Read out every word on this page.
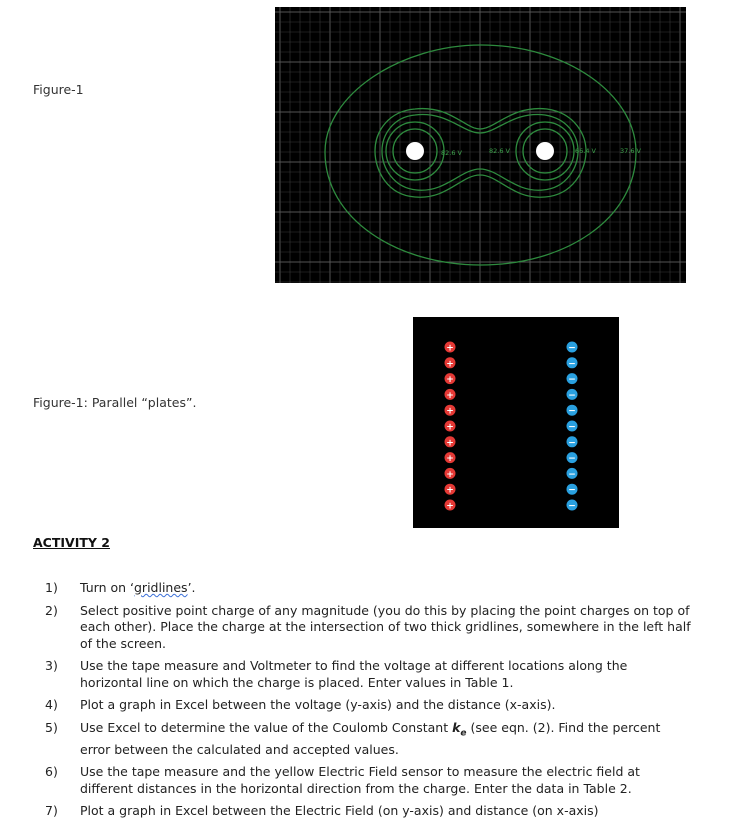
Figure-1
82.6 V	82.6 V	66.4 V	37.6 V
Figure-1: Parallel “plates”.
+
+
+
+
+
+
+
+
+
+
+
−
−
−
−
−
−
−
−
−
−
−
ACTIVITY 2
1)	Turn on ‘gridlines’.
2)	Select positive point charge of any magnitude (you do this by placing the point charges on top of each other). Place the charge at the intersection of two thick gridlines, somewhere in the left half of the screen.
3)	Use the tape measure and Voltmeter to find the voltage at different locations along the horizontal line on which the charge is placed. Enter values in Table 1.
4)	Plot a graph in Excel between the voltage (y-axis) and the distance (x-axis).
5)	Use Excel to determine the value of the Coulomb Constant $k_e$ (see eqn. (2). Find the percent error between the calculated and accepted values.
6)	Use the tape measure and the yellow Electric Field sensor to measure the electric field at different distances in the horizontal direction from the charge. Enter the data in Table 2.
7)	Plot a graph in Excel between the Electric Field (on y-axis) and distance (on x-axis)
